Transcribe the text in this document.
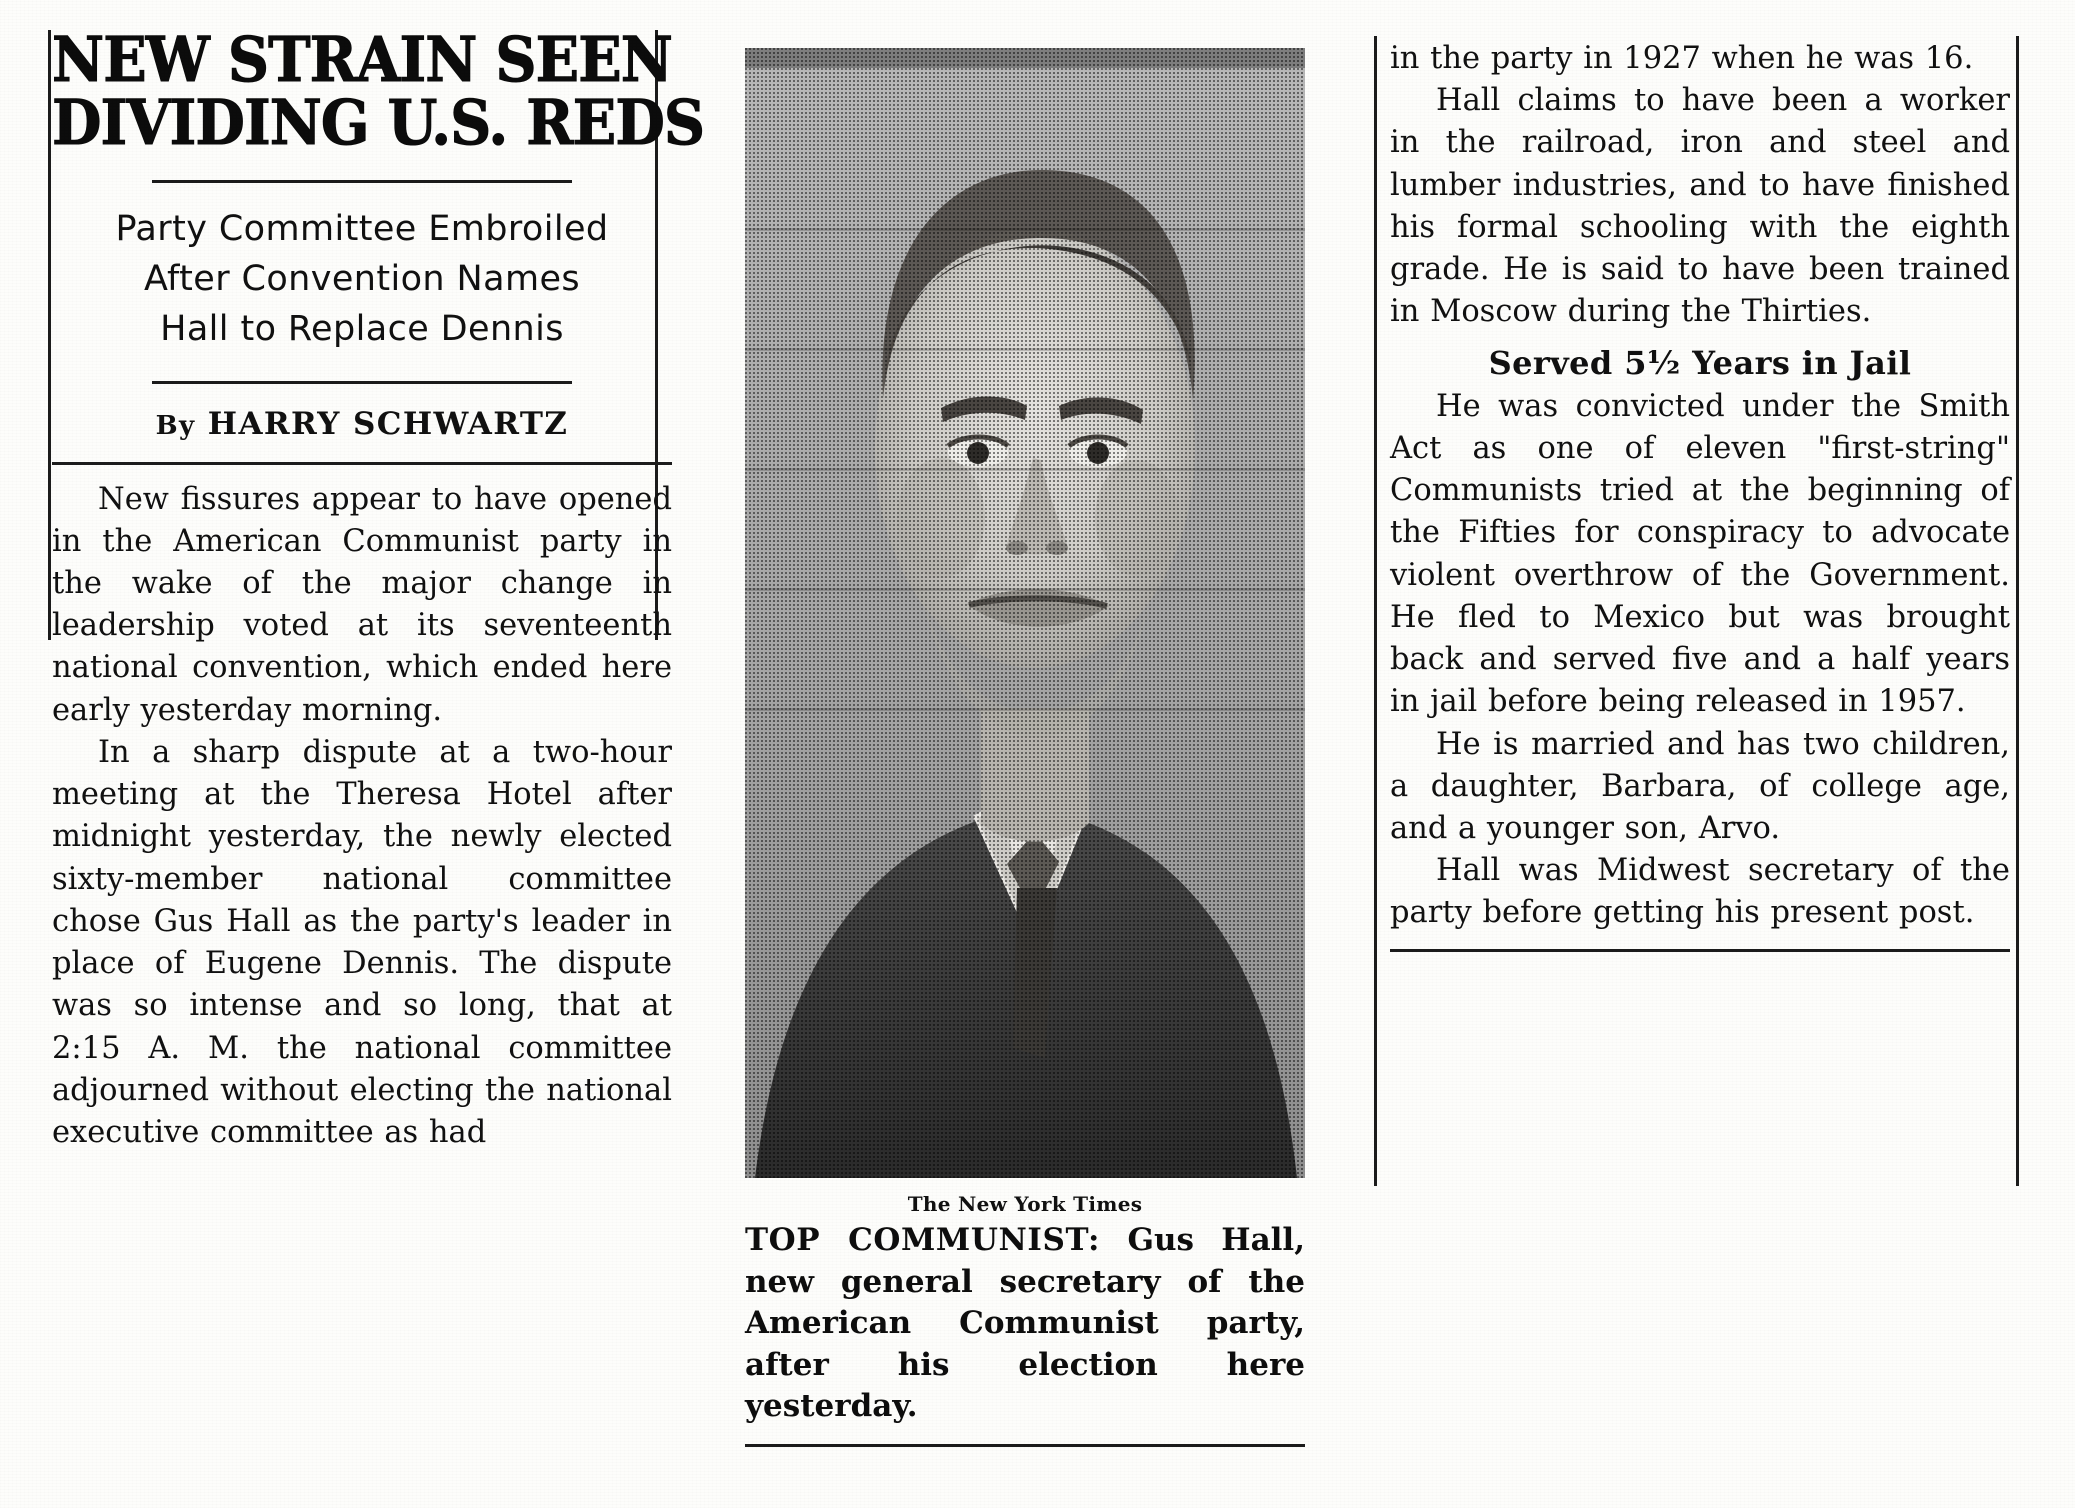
NEW STRAIN SEEN
DIVIDING U.S. REDS
Party Committee Embroiled
After Convention Names
Hall to Replace Dennis
By HARRY SCHWARTZ

New fissures appear to have opened in the American Communist party in the wake of the major change in leadership voted at its seventeenth national convention, which ended here early yesterday morning.

In a sharp dispute at a two-hour meeting at the Theresa Hotel after midnight yesterday, the newly elected sixty-member national committee chose Gus Hall as the party's leader in place of Eugene Dennis. The dispute was so intense and so long, that at 2:15 A. M. the national committee adjourned without electing the national executive committee as had

The New York Times
TOP COMMUNIST: Gus Hall, new general secretary of the American Communist party, after his election here yesterday.

in the party in 1927 when he was 16.

Hall claims to have been a worker in the railroad, iron and steel and lumber industries, and to have finished his formal schooling with the eighth grade. He is said to have been trained in Moscow during the Thirties.

Served 5½ Years in Jail

He was convicted under the Smith Act as one of eleven "first-string" Communists tried at the beginning of the Fifties for conspiracy to advocate violent overthrow of the Government. He fled to Mexico but was brought back and served five and a half years in jail before being released in 1957.

He is married and has two children, a daughter, Barbara, of college age, and a younger son, Arvo.

Hall was Midwest secretary of the party before getting his present post.
